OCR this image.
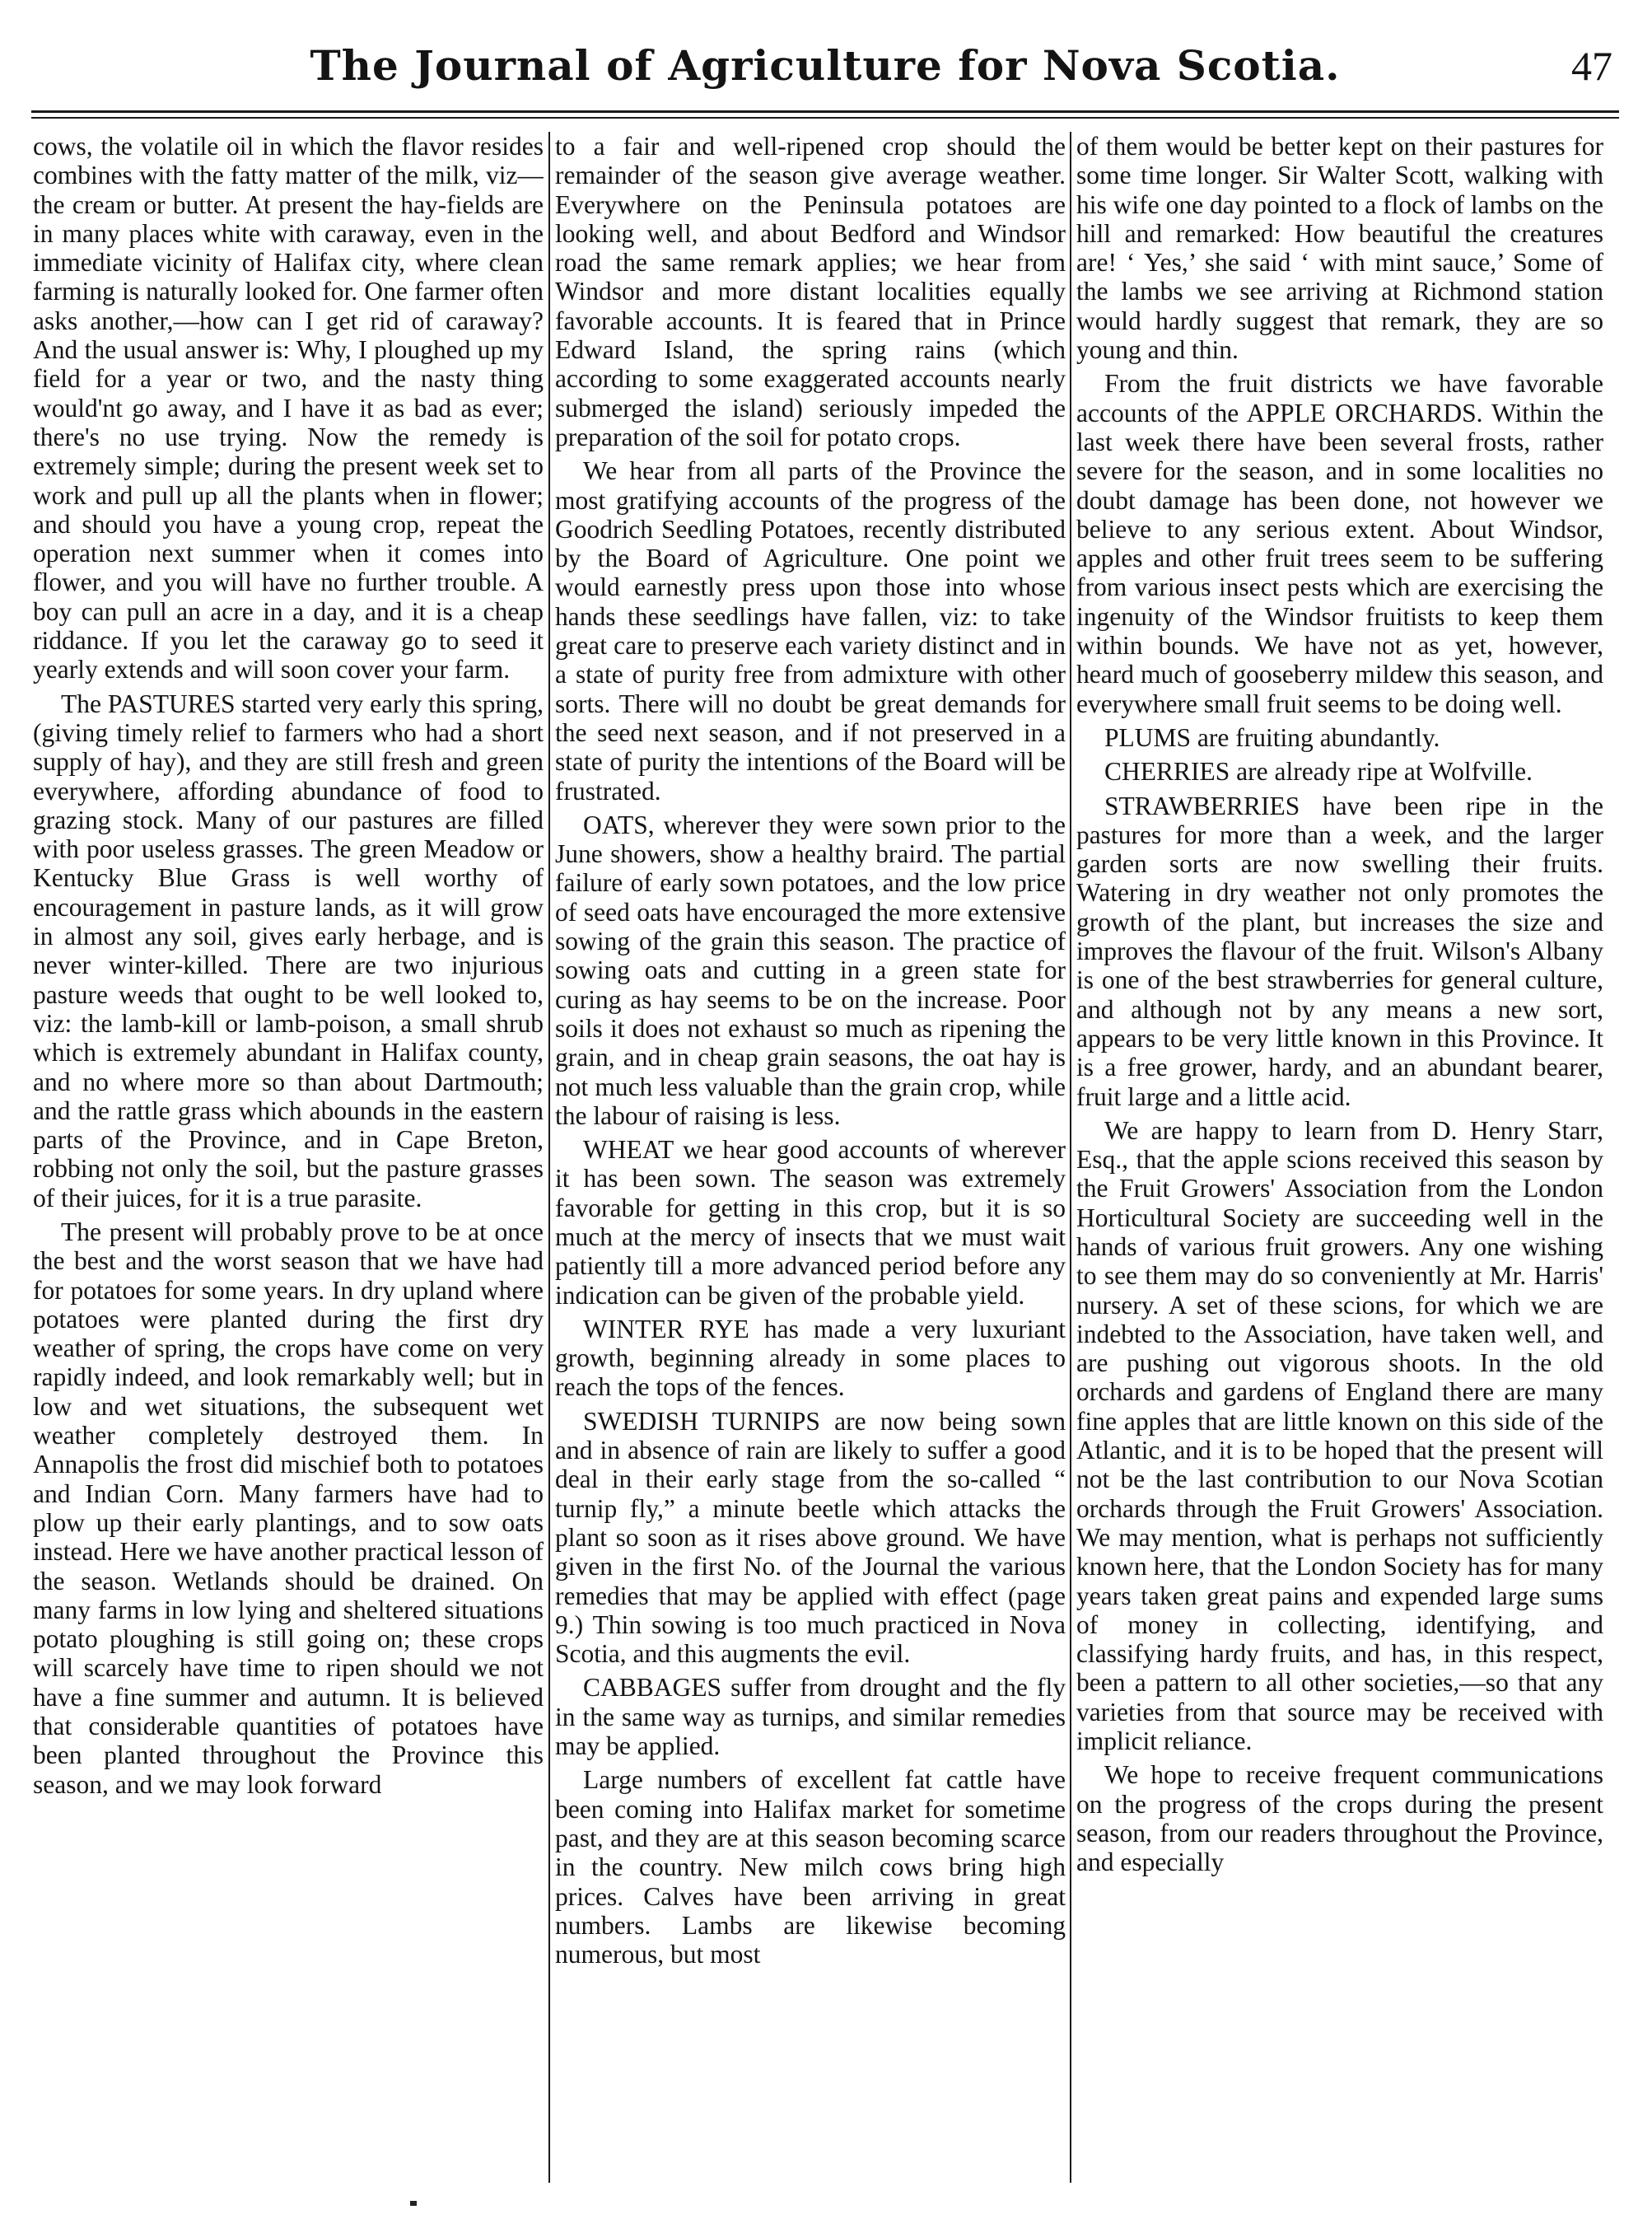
The Journal of Agriculture for Nova Scotia.	47

cows, the volatile oil in which the flavor resides combines with the fatty matter of the milk, viz—the cream or butter. At present the hay-fields are in many places white with caraway, even in the immediate vicinity of Halifax city, where clean farming is naturally looked for. One farmer often asks another,—how can I get rid of caraway? And the usual answer is: Why, I ploughed up my field for a year or two, and the nasty thing would'nt go away, and I have it as bad as ever; there's no use trying. Now the remedy is extremely simple; during the present week set to work and pull up all the plants when in flower; and should you have a young crop, repeat the operation next summer when it comes into flower, and you will have no further trouble. A boy can pull an acre in a day, and it is a cheap riddance. If you let the caraway go to seed it yearly extends and will soon cover your farm.

The PASTURES started very early this spring, (giving timely relief to farmers who had a short supply of hay), and they are still fresh and green everywhere, affording abundance of food to grazing stock. Many of our pastures are filled with poor useless grasses. The green Meadow or Kentucky Blue Grass is well worthy of encouragement in pasture lands, as it will grow in almost any soil, gives early herbage, and is never winter-killed. There are two injurious pasture weeds that ought to be well looked to, viz: the lamb-kill or lamb-poison, a small shrub which is extremely abundant in Halifax county, and no where more so than about Dartmouth; and the rattle grass which abounds in the eastern parts of the Province, and in Cape Breton, robbing not only the soil, but the pasture grasses of their juices, for it is a true parasite.

The present will probably prove to be at once the best and the worst season that we have had for potatoes for some years. In dry upland where potatoes were planted during the first dry weather of spring, the crops have come on very rapidly indeed, and look remarkably well; but in low and wet situations, the subsequent wet weather completely destroyed them. In Annapolis the frost did mischief both to potatoes and Indian Corn. Many farmers have had to plow up their early plantings, and to sow oats instead. Here we have another practical lesson of the season. Wetlands should be drained. On many farms in low lying and sheltered situations potato ploughing is still going on; these crops will scarcely have time to ripen should we not have a fine summer and autumn. It is believed that considerable quantities of potatoes have been planted throughout the Province this season, and we may look forward

to a fair and well-ripened crop should the remainder of the season give average weather. Everywhere on the Peninsula potatoes are looking well, and about Bedford and Windsor road the same remark applies; we hear from Windsor and more distant localities equally favorable accounts. It is feared that in Prince Edward Island, the spring rains (which according to some exaggerated accounts nearly submerged the island) seriously impeded the preparation of the soil for potato crops.

We hear from all parts of the Province the most gratifying accounts of the progress of the Goodrich Seedling Potatoes, recently distributed by the Board of Agriculture. One point we would earnestly press upon those into whose hands these seedlings have fallen, viz: to take great care to preserve each variety distinct and in a state of purity free from admixture with other sorts. There will no doubt be great demands for the seed next season, and if not preserved in a state of purity the intentions of the Board will be frustrated.

OATS, wherever they were sown prior to the June showers, show a healthy braird. The partial failure of early sown potatoes, and the low price of seed oats have encouraged the more extensive sowing of the grain this season. The practice of sowing oats and cutting in a green state for curing as hay seems to be on the increase. Poor soils it does not exhaust so much as ripening the grain, and in cheap grain seasons, the oat hay is not much less valuable than the grain crop, while the labour of raising is less.

WHEAT we hear good accounts of wherever it has been sown. The season was extremely favorable for getting in this crop, but it is so much at the mercy of insects that we must wait patiently till a more advanced period before any indication can be given of the probable yield.

WINTER RYE has made a very luxuriant growth, beginning already in some places to reach the tops of the fences.

SWEDISH TURNIPS are now being sown and in absence of rain are likely to suffer a good deal in their early stage from the so-called “ turnip fly,” a minute beetle which attacks the plant so soon as it rises above ground. We have given in the first No. of the Journal the various remedies that may be applied with effect (page 9.) Thin sowing is too much practiced in Nova Scotia, and this augments the evil.

CABBAGES suffer from drought and the fly in the same way as turnips, and similar remedies may be applied.

Large numbers of excellent fat cattle have been coming into Halifax market for sometime past, and they are at this season becoming scarce in the country. New milch cows bring high prices. Calves have been arriving in great numbers. Lambs are likewise becoming numerous, but most

of them would be better kept on their pastures for some time longer. Sir Walter Scott, walking with his wife one day pointed to a flock of lambs on the hill and remarked: How beautiful the creatures are! ‘ Yes,’ she said ‘ with mint sauce,’ Some of the lambs we see arriving at Richmond station would hardly suggest that remark, they are so young and thin.

From the fruit districts we have favorable accounts of the APPLE ORCHARDS. Within the last week there have been several frosts, rather severe for the season, and in some localities no doubt damage has been done, not however we believe to any serious extent. About Windsor, apples and other fruit trees seem to be suffering from various insect pests which are exercising the ingenuity of the Windsor fruitists to keep them within bounds. We have not as yet, however, heard much of gooseberry mildew this season, and everywhere small fruit seems to be doing well.

PLUMS are fruiting abundantly.

CHERRIES are already ripe at Wolfville.

STRAWBERRIES have been ripe in the pastures for more than a week, and the larger garden sorts are now swelling their fruits. Watering in dry weather not only promotes the growth of the plant, but increases the size and improves the flavour of the fruit. Wilson's Albany is one of the best strawberries for general culture, and although not by any means a new sort, appears to be very little known in this Province. It is a free grower, hardy, and an abundant bearer, fruit large and a little acid.

We are happy to learn from D. Henry Starr, Esq., that the apple scions received this season by the Fruit Growers' Association from the London Horticultural Society are succeeding well in the hands of various fruit growers. Any one wishing to see them may do so conveniently at Mr. Harris' nursery. A set of these scions, for which we are indebted to the Association, have taken well, and are pushing out vigorous shoots. In the old orchards and gardens of England there are many fine apples that are little known on this side of the Atlantic, and it is to be hoped that the present will not be the last contribution to our Nova Scotian orchards through the Fruit Growers' Association. We may mention, what is perhaps not sufficiently known here, that the London Society has for many years taken great pains and expended large sums of money in collecting, identifying, and classifying hardy fruits, and has, in this respect, been a pattern to all other societies,—so that any varieties from that source may be received with implicit reliance.

We hope to receive frequent communications on the progress of the crops during the present season, from our readers throughout the Province, and especially
